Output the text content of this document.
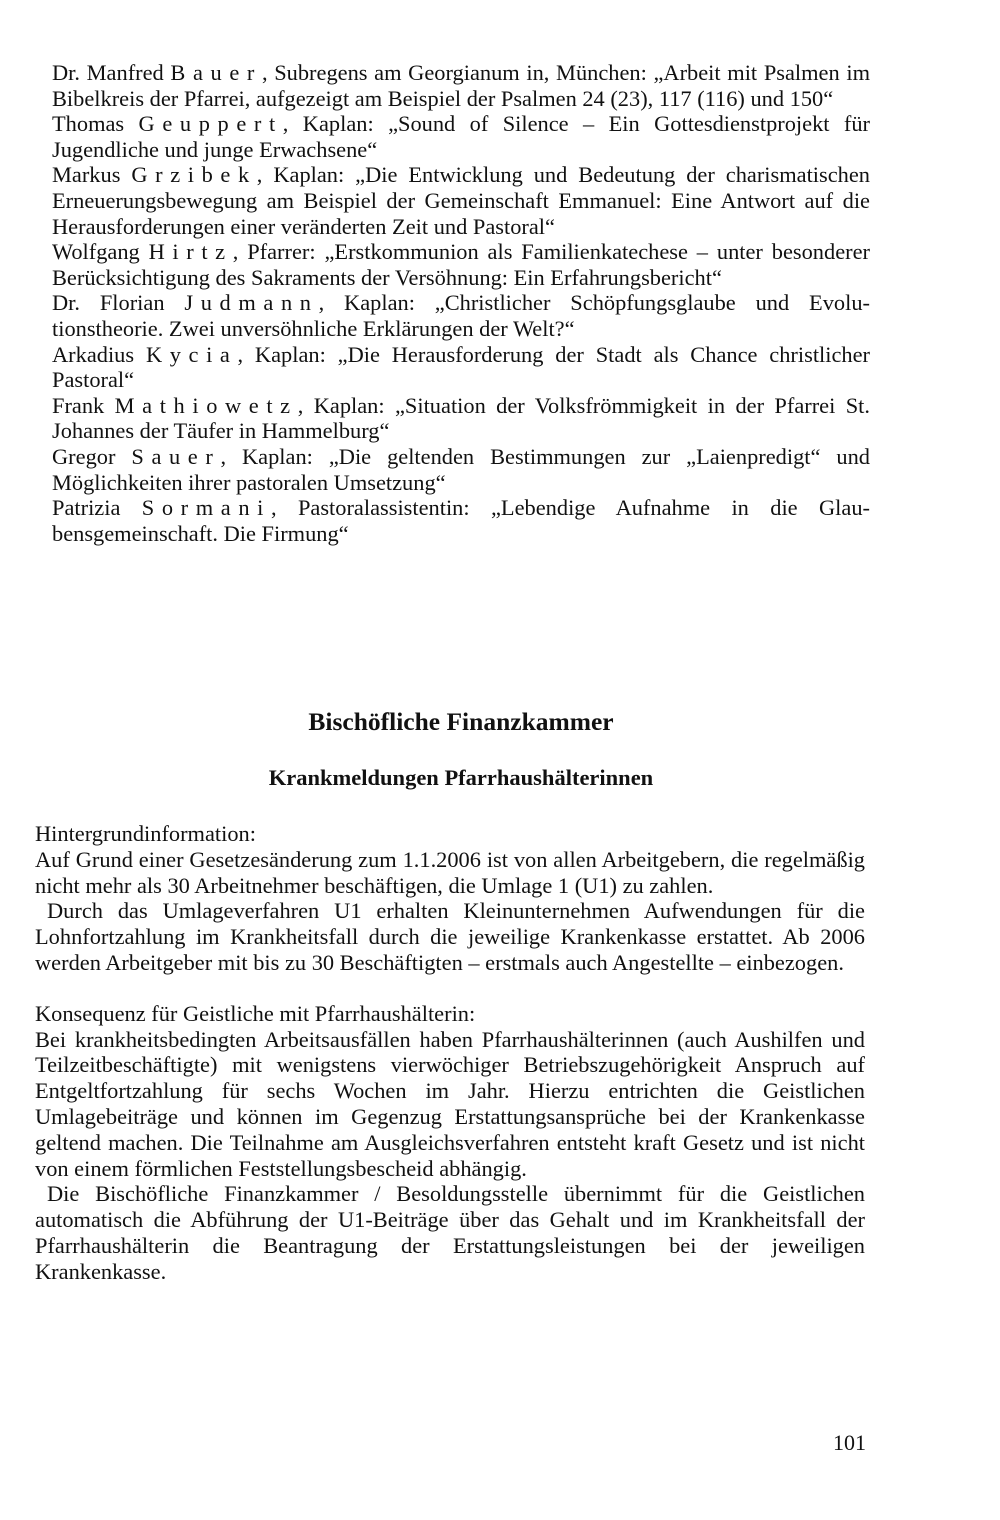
Dr. Manfred Bauer, Subregens am Georgianum in, München: „Arbeit mit Psalmen im Bibelkreis der Pfarrei, aufgezeigt am Beispiel der Psalmen 24 (23), 117 (116) und 150“
Thomas Geuppert, Kaplan: „Sound of Silence – Ein Gottesdienstprojekt für Jugendliche und junge Erwachsene“
Markus Grzibek, Kaplan: „Die Entwicklung und Bedeutung der charismatischen Erneuerungsbewegung am Beispiel der Gemeinschaft Emmanuel: Eine Antwort auf die Herausforderungen einer veränderten Zeit und Pastoral“
Wolfgang Hirtz, Pfarrer: „Erstkommunion als Familienkatechese – unter besonderer Berücksichtigung des Sakraments der Versöhnung: Ein Erfahrungsbericht“
Dr. Florian Judmann, Kaplan: „Christlicher Schöpfungsglaube und Evolutionstheorie. Zwei unversöhnliche Erklärungen der Welt?“
Arkadius Kycia, Kaplan: „Die Herausforderung der Stadt als Chance christlicher Pastoral“
Frank Mathiowetz, Kaplan: „Situation der Volksfrömmigkeit in der Pfarrei St. Johannes der Täufer in Hammelburg“
Gregor Sauer, Kaplan: „Die geltenden Bestimmungen zur „Laienpredigt“ und Möglichkeiten ihrer pastoralen Umsetzung“
Patrizia Sormani, Pastoralassistentin: „Lebendige Aufnahme in die Glaubensgemeinschaft. Die Firmung“
Bischöfliche Finanzkammer
Krankmeldungen Pfarrhaushälterinnen
Hintergrundinformation:
Auf Grund einer Gesetzesänderung zum 1.1.2006 ist von allen Arbeitgebern, die regelmäßig nicht mehr als 30 Arbeitnehmer beschäftigen, die Umlage 1 (U1) zu zahlen.
Durch das Umlageverfahren U1 erhalten Kleinunternehmen Aufwendungen für die Lohnfortzahlung im Krankheitsfall durch die jeweilige Krankenkasse erstattet. Ab 2006 werden Arbeitgeber mit bis zu 30 Beschäftigten – erstmals auch Angestellte – einbezogen.
Konsequenz für Geistliche mit Pfarrhaushälterin:
Bei krankheitsbedingten Arbeitsausfällen haben Pfarrhaushälterinnen (auch Aushilfen und Teilzeitbeschäftigte) mit wenigstens vierwöchiger Betriebszugehörigkeit Anspruch auf Entgeltfortzahlung für sechs Wochen im Jahr. Hierzu entrichten die Geistlichen Umlagebeiträge und können im Gegenzug Erstattungsansprüche bei der Krankenkasse geltend machen. Die Teilnahme am Ausgleichsverfahren entsteht kraft Gesetz und ist nicht von einem förmlichen Feststellungsbescheid abhängig.
Die Bischöfliche Finanzkammer / Besoldungsstelle übernimmt für die Geistlichen automatisch die Abführung der U1-Beiträge über das Gehalt und im Krankheitsfall der Pfarrhaushälterin die Beantragung der Erstattungsleistungen bei der jeweiligen Krankenkasse.
101
